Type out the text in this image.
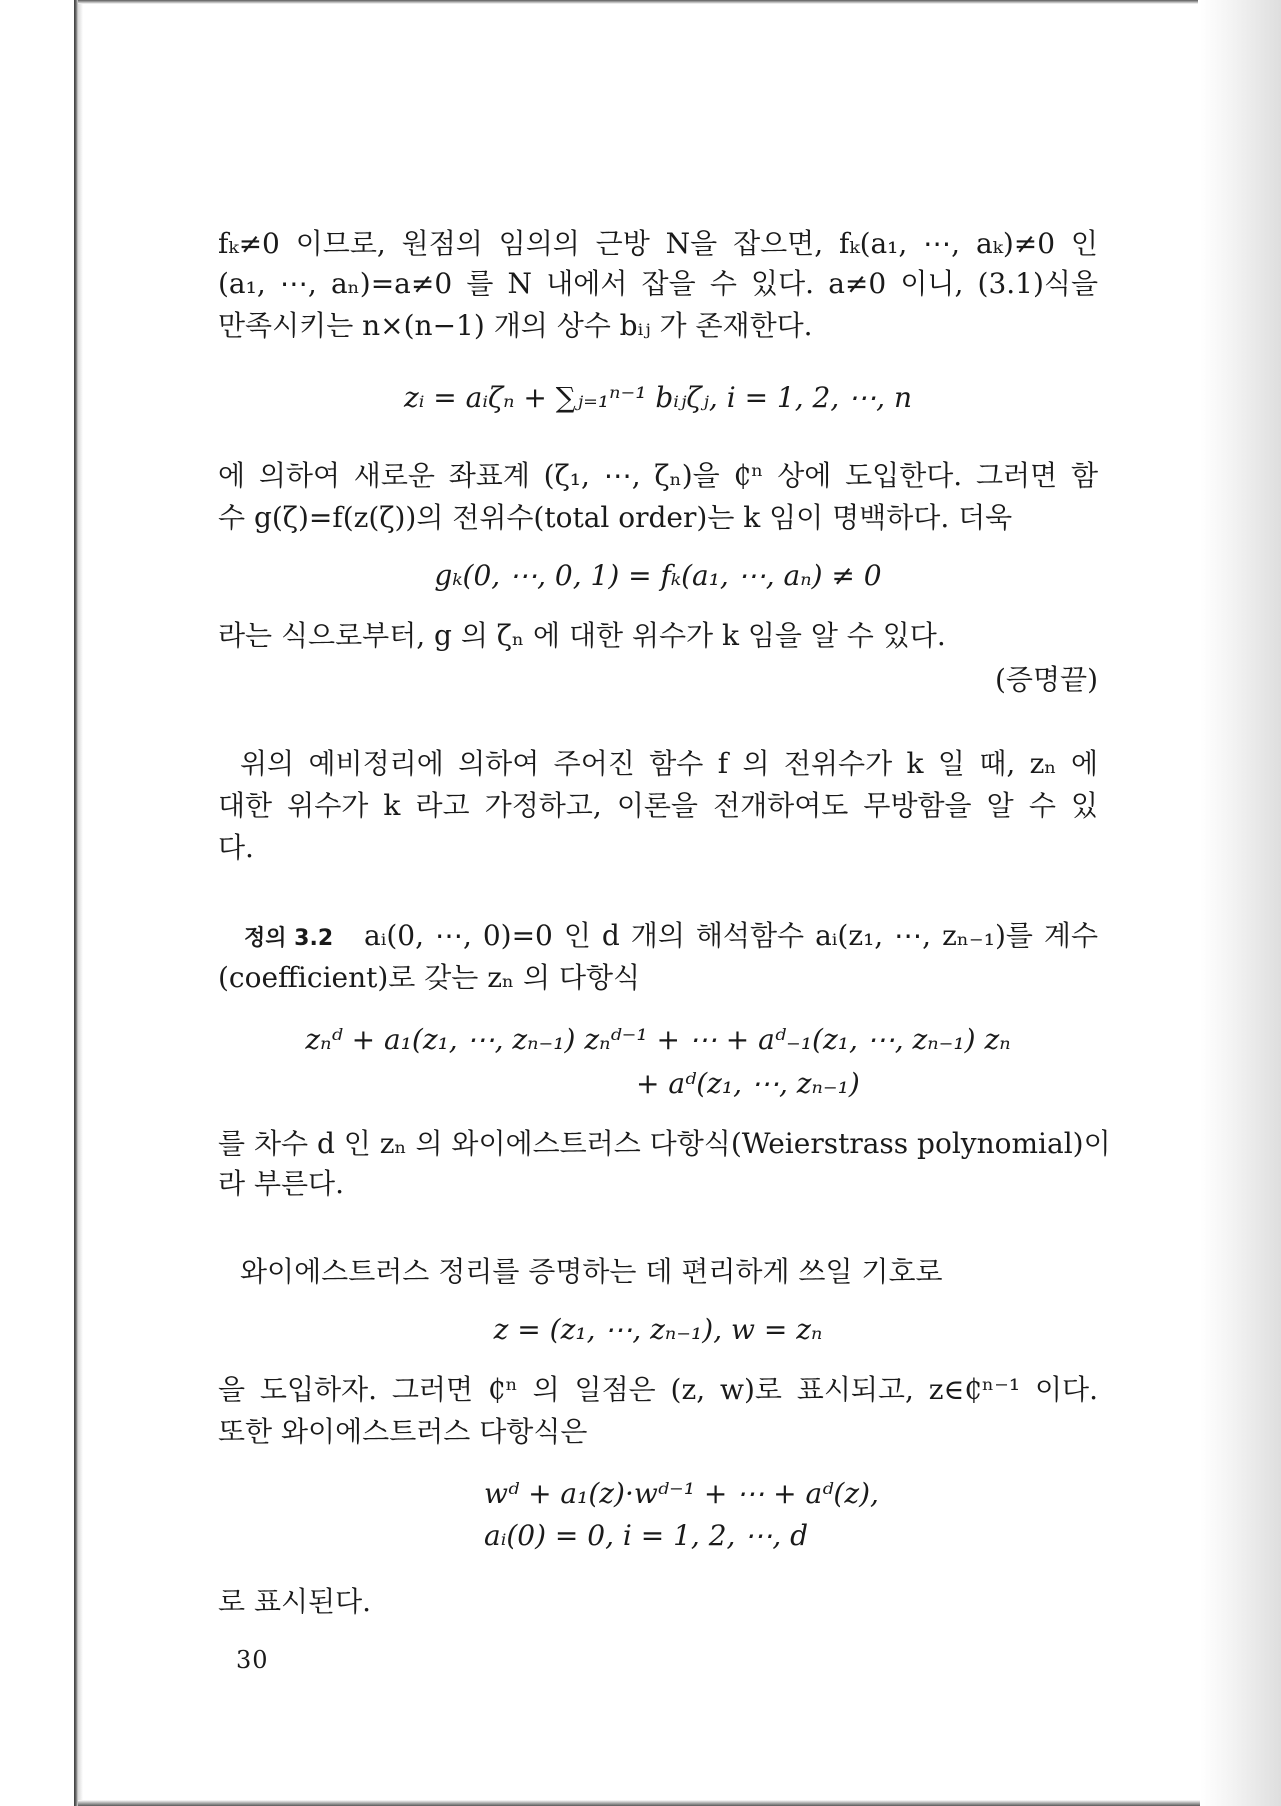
fₖ≠0 이므로, 원점의 임의의 근방 N을 잡으면, fₖ(a₁, ⋯, aₖ)≠0 인
(a₁, ⋯, aₙ)=a≠0 를 N 내에서 잡을 수 있다. a≠0 이니, (3.1)식을
만족시키는 n×(n−1) 개의 상수 bᵢⱼ 가 존재한다.
zᵢ = aᵢζₙ + ∑ⱼ₌₁ⁿ⁻¹ bᵢⱼζⱼ, i = 1, 2, ⋯, n
에 의하여 새로운 좌표계 (ζ₁, ⋯, ζₙ)을 ₵ⁿ 상에 도입한다. 그러면 함
수 g(ζ)=f(z(ζ))의 전위수(total order)는 k 임이 명백하다. 더욱
gₖ(0, ⋯, 0, 1) = fₖ(a₁, ⋯, aₙ) ≠ 0
라는 식으로부터, g 의 ζₙ 에 대한 위수가 k 임을 알 수 있다.
(증명끝)
위의 예비정리에 의하여 주어진 함수 f 의 전위수가 k 일 때, zₙ 에
대한 위수가 k 라고 가정하고, 이론을 전개하여도 무방함을 알 수 있
다.
정의 3.2	aᵢ(0, ⋯, 0)=0 인 d 개의 해석함수 aᵢ(z₁, ⋯, zₙ₋₁)를 계수
(coefficient)로 갖는 zₙ 의 다항식
zₙᵈ + a₁(z₁, ⋯, zₙ₋₁) zₙᵈ⁻¹ + ⋯ + aᵈ₋₁(z₁, ⋯, zₙ₋₁) zₙ
+ aᵈ(z₁, ⋯, zₙ₋₁)
를 차수 d 인 zₙ 의 와이에스트러스 다항식(Weierstrass polynomial)이
라 부른다.
와이에스트러스 정리를 증명하는 데 편리하게 쓰일 기호로
z = (z₁, ⋯, zₙ₋₁), w = zₙ
을 도입하자. 그러면 ₵ⁿ 의 일점은 (z, w)로 표시되고, z∈₵ⁿ⁻¹ 이다.
또한 와이에스트러스 다항식은
wᵈ + a₁(z)·wᵈ⁻¹ + ⋯ + aᵈ(z),
aᵢ(0) = 0, i = 1, 2, ⋯, d
로 표시된다.
30
